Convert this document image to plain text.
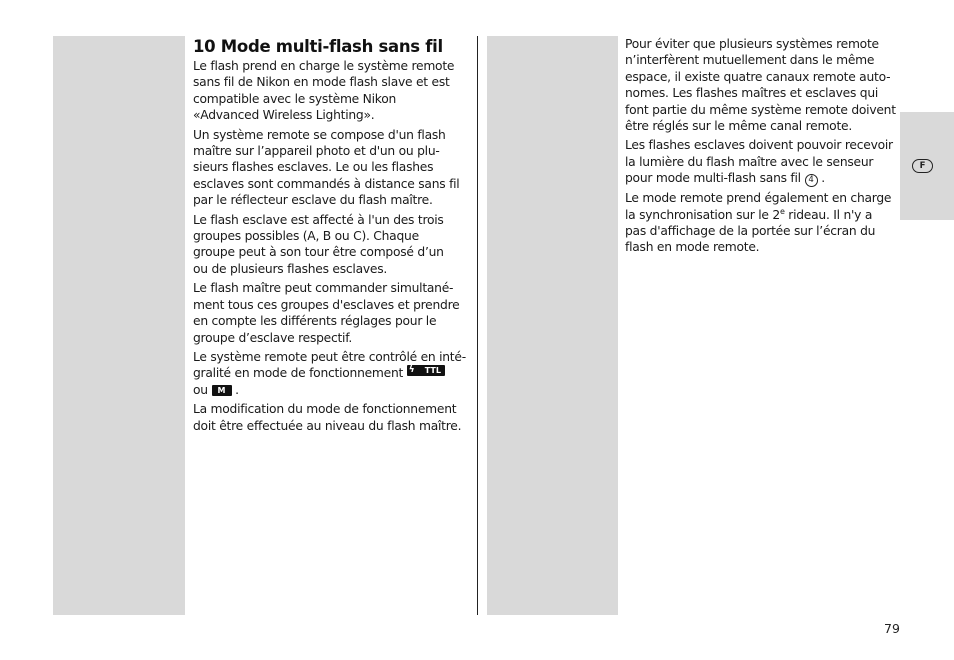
F
10 Mode multi-flash sans fil

Le flash prend en charge le système remote
sans fil de Nikon en mode flash slave et est
compatible avec le système Nikon
«Advanced Wireless Lighting».

Un système remote se compose d'un flash
maître sur l’appareil photo et d'un ou plu-
sieurs flashes esclaves. Le ou les flashes
esclaves sont commandés à distance sans fil
par le réflecteur esclave du flash maître.

Le flash esclave est affecté à l'un des trois
groupes possibles (A, B ou C). Chaque
groupe peut à son tour être composé d’un
ou de plusieurs flashes esclaves.

Le flash maître peut commander simultané-
ment tous ces groupes d'esclaves et prendre
en compte les différents réglages pour le
groupe d’esclave respectif.

Le système remote peut être contrôlé en inté-
gralité en mode de fonctionnement ϟ TTL
ou M .

La modification du mode de fonctionnement
doit être effectuée au niveau du flash maître.

Pour éviter que plusieurs systèmes remote
n’interfèrent mutuellement dans le même
espace, il existe quatre canaux remote auto-
nomes. Les flashes maîtres et esclaves qui
font partie du même système remote doivent
être réglés sur le même canal remote.

Les flashes esclaves doivent pouvoir recevoir
la lumière du flash maître avec le senseur
pour mode multi-flash sans fil 4 .

Le mode remote prend également en charge
la synchronisation sur le 2e rideau. Il n'y a
pas d'affichage de la portée sur l’écran du
flash en mode remote.

79
